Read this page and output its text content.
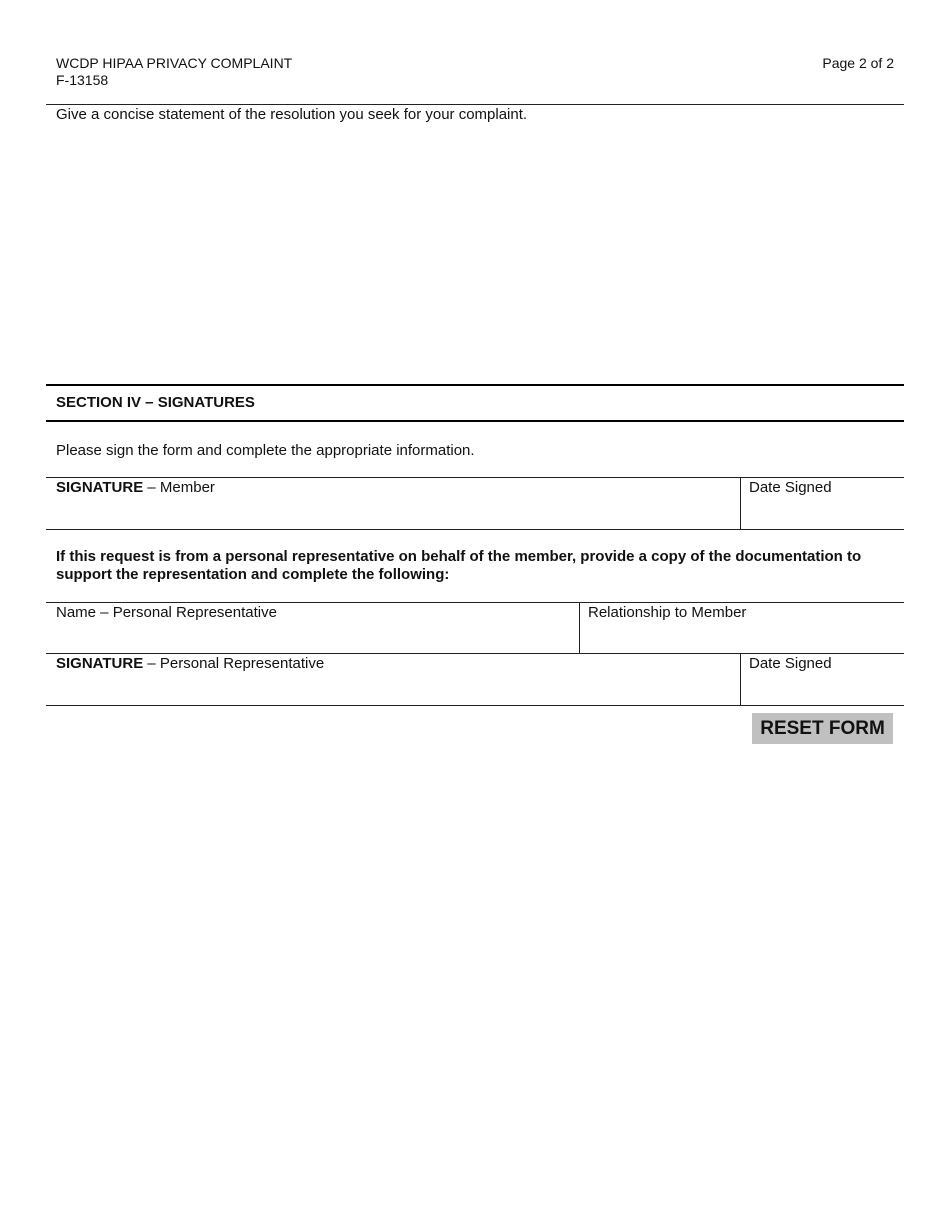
WCDP HIPAA PRIVACY COMPLAINT
F-13158
Page 2 of 2
Give a concise statement of the resolution you seek for your complaint.
SECTION IV – SIGNATURES
Please sign the form and complete the appropriate information.
SIGNATURE – Member	Date Signed
If this request is from a personal representative on behalf of the member, provide a copy of the documentation to support the representation and complete the following:
Name – Personal Representative	Relationship to Member
SIGNATURE – Personal Representative	Date Signed
RESET FORM
